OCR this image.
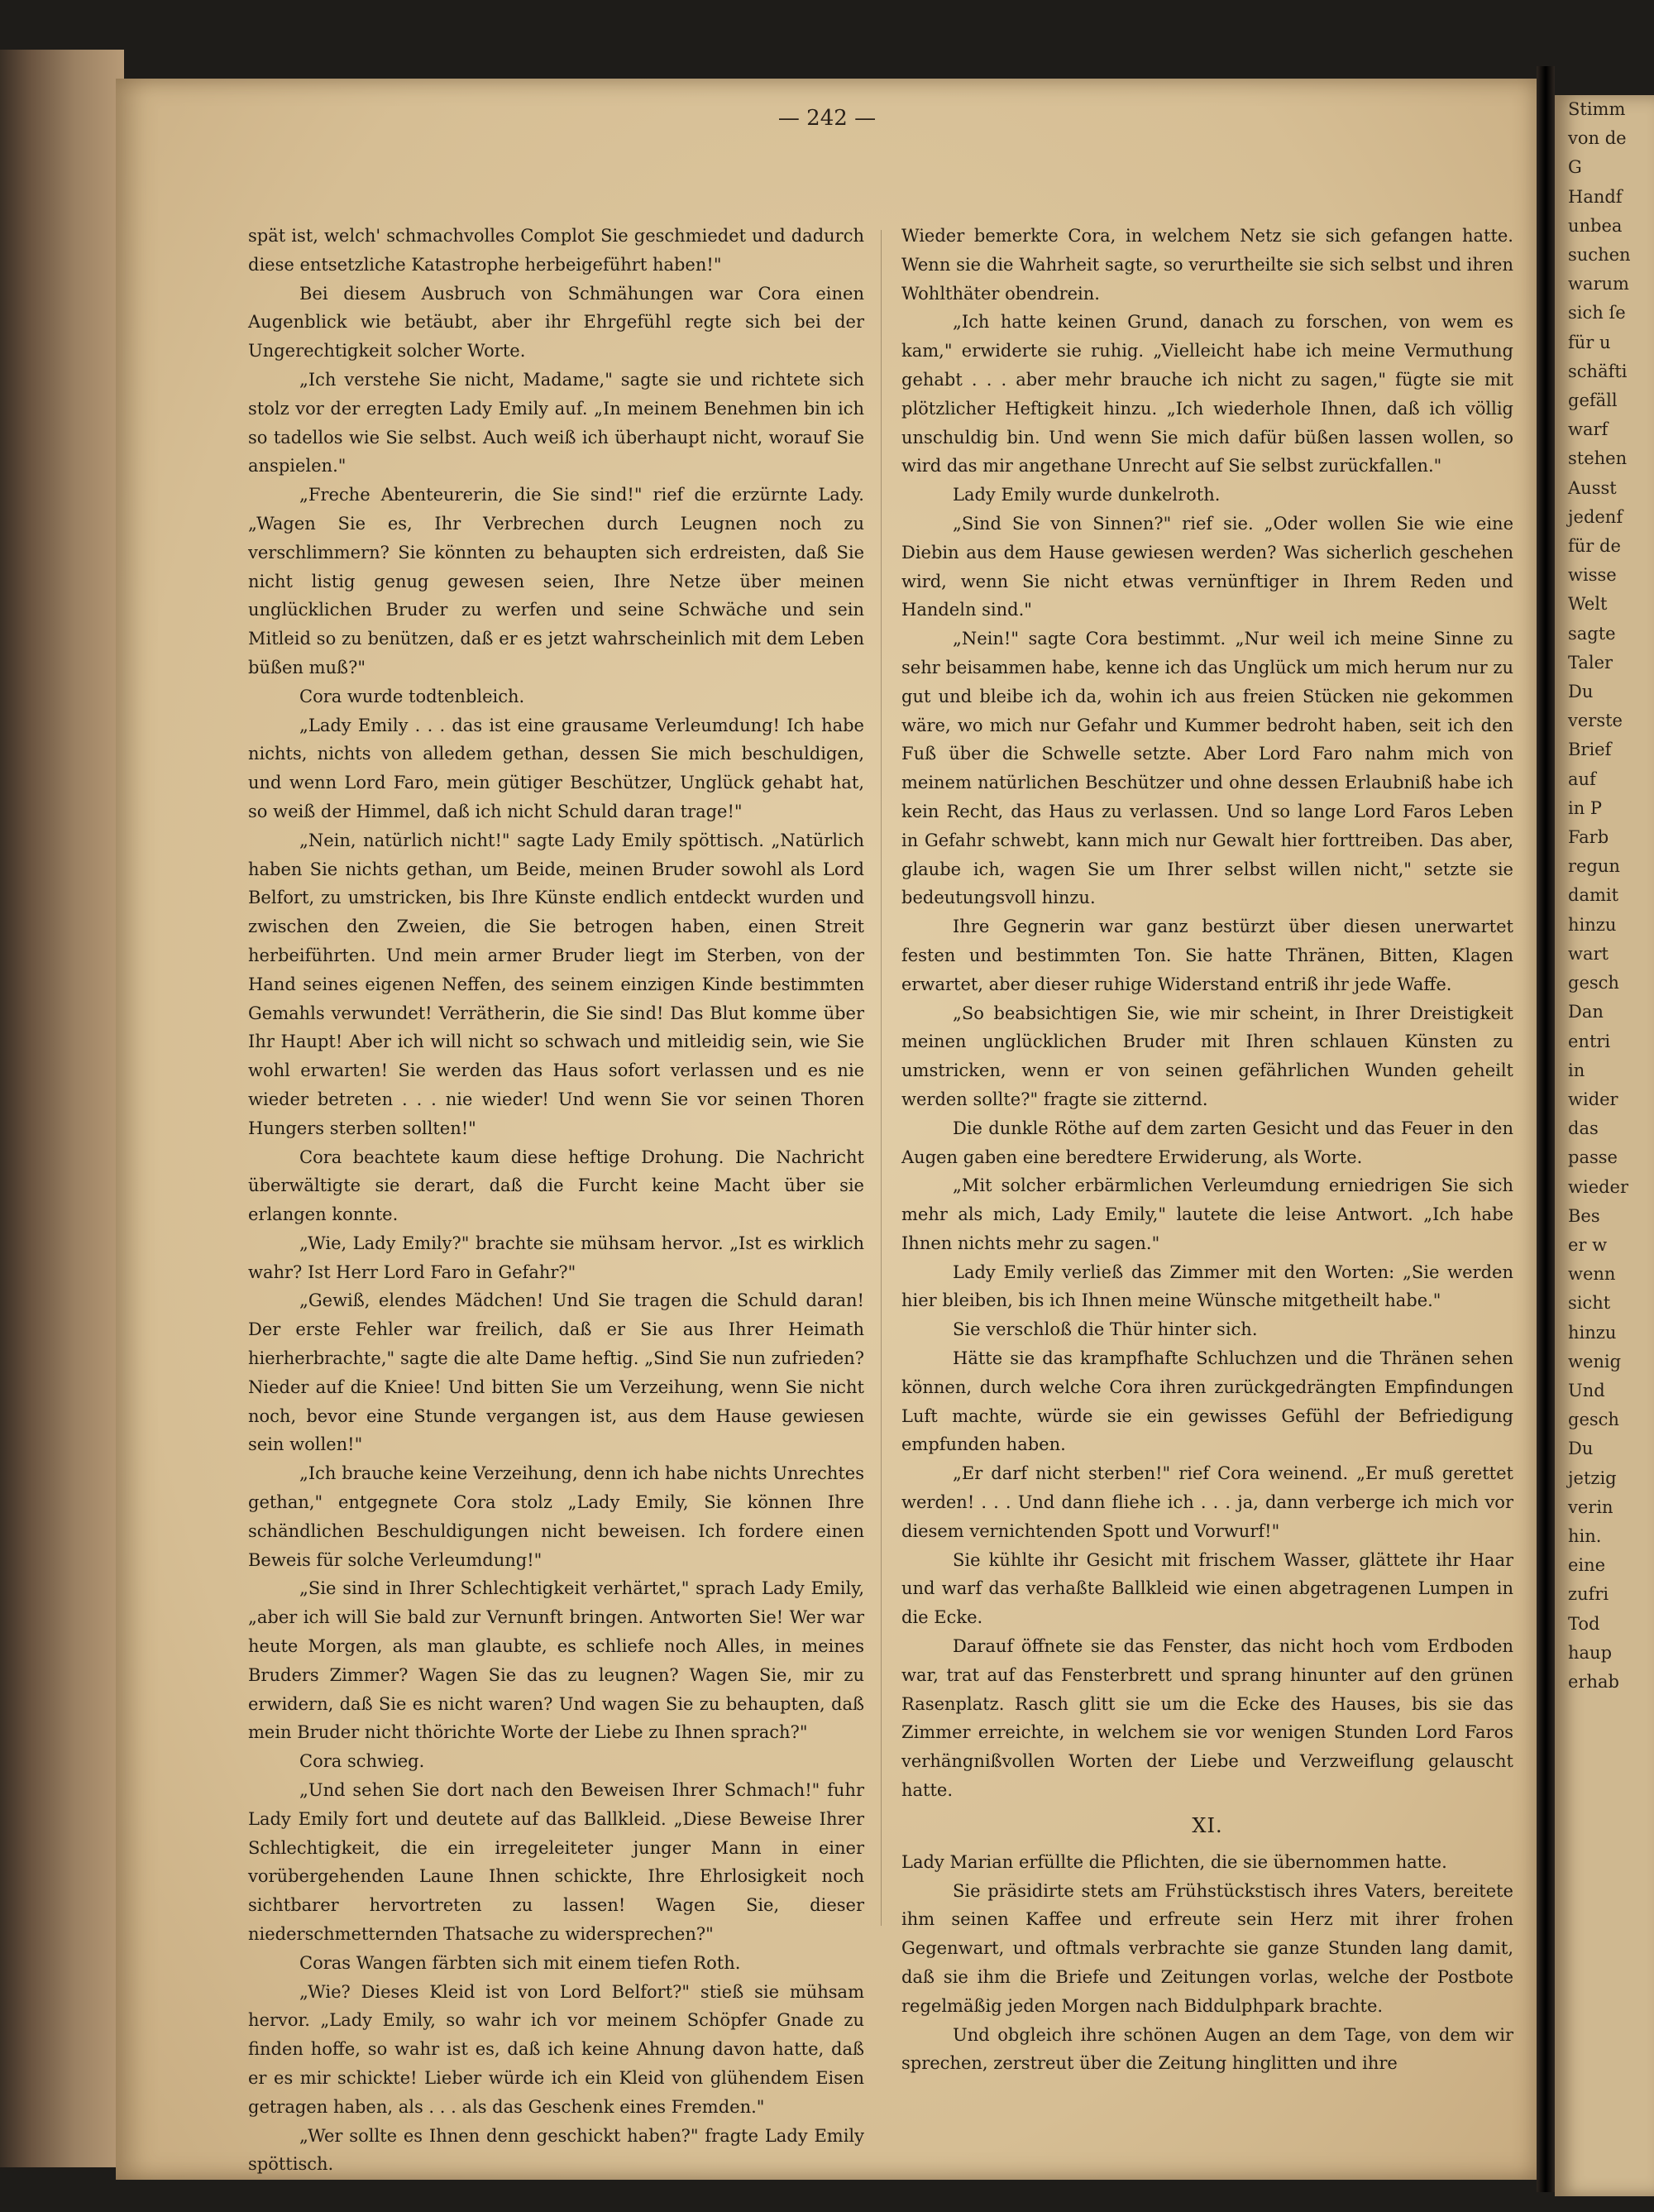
— 242 —

spät ist, welch' schmachvolles Complot Sie geschmiedet und dadurch diese entsetzliche Katastrophe herbeigeführt haben!"

Bei diesem Ausbruch von Schmähungen war Cora einen Augenblick wie betäubt, aber ihr Ehrgefühl regte sich bei der Ungerechtigkeit solcher Worte.

„Ich verstehe Sie nicht, Madame," sagte sie und richtete sich stolz vor der erregten Lady Emily auf. „In meinem Benehmen bin ich so tadellos wie Sie selbst. Auch weiß ich überhaupt nicht, worauf Sie anspielen."

„Freche Abenteurerin, die Sie sind!" rief die erzürnte Lady. „Wagen Sie es, Ihr Verbrechen durch Leugnen noch zu verschlimmern? Sie könnten zu behaupten sich erdreisten, daß Sie nicht listig genug gewesen seien, Ihre Netze über meinen unglücklichen Bruder zu werfen und seine Schwäche und sein Mitleid so zu benützen, daß er es jetzt wahrscheinlich mit dem Leben büßen muß?"

Cora wurde todtenbleich.

„Lady Emily . . . das ist eine grausame Verleumdung! Ich habe nichts, nichts von alledem gethan, dessen Sie mich beschuldigen, und wenn Lord Faro, mein gütiger Beschützer, Unglück gehabt hat, so weiß der Himmel, daß ich nicht Schuld daran trage!"

„Nein, natürlich nicht!" sagte Lady Emily spöttisch. „Natürlich haben Sie nichts gethan, um Beide, meinen Bruder sowohl als Lord Belfort, zu umstricken, bis Ihre Künste endlich entdeckt wurden und zwischen den Zweien, die Sie betrogen haben, einen Streit herbeiführten. Und mein armer Bruder liegt im Sterben, von der Hand seines eigenen Neffen, des seinem einzigen Kinde bestimmten Gemahls verwundet! Verrätherin, die Sie sind! Das Blut komme über Ihr Haupt! Aber ich will nicht so schwach und mitleidig sein, wie Sie wohl erwarten! Sie werden das Haus sofort verlassen und es nie wieder betreten . . . nie wieder! Und wenn Sie vor seinen Thoren Hungers sterben sollten!"

Cora beachtete kaum diese heftige Drohung. Die Nachricht überwältigte sie derart, daß die Furcht keine Macht über sie erlangen konnte.

„Wie, Lady Emily?" brachte sie mühsam hervor. „Ist es wirklich wahr? Ist Herr Lord Faro in Gefahr?"

„Gewiß, elendes Mädchen! Und Sie tragen die Schuld daran! Der erste Fehler war freilich, daß er Sie aus Ihrer Heimath hierherbrachte," sagte die alte Dame heftig. „Sind Sie nun zufrieden? Nieder auf die Kniee! Und bitten Sie um Verzeihung, wenn Sie nicht noch, bevor eine Stunde vergangen ist, aus dem Hause gewiesen sein wollen!"

„Ich brauche keine Verzeihung, denn ich habe nichts Unrechtes gethan," entgegnete Cora stolz „Lady Emily, Sie können Ihre schändlichen Beschuldigungen nicht beweisen. Ich fordere einen Beweis für solche Verleumdung!"

„Sie sind in Ihrer Schlechtigkeit verhärtet," sprach Lady Emily, „aber ich will Sie bald zur Vernunft bringen. Antworten Sie! Wer war heute Morgen, als man glaubte, es schliefe noch Alles, in meines Bruders Zimmer? Wagen Sie das zu leugnen? Wagen Sie, mir zu erwidern, daß Sie es nicht waren? Und wagen Sie zu behaupten, daß mein Bruder nicht thörichte Worte der Liebe zu Ihnen sprach?"

Cora schwieg.

„Und sehen Sie dort nach den Beweisen Ihrer Schmach!" fuhr Lady Emily fort und deutete auf das Ballkleid. „Diese Beweise Ihrer Schlechtigkeit, die ein irregeleiteter junger Mann in einer vorübergehenden Laune Ihnen schickte, Ihre Ehrlosigkeit noch sichtbarer hervortreten zu lassen! Wagen Sie, dieser niederschmetternden Thatsache zu widersprechen?"

Coras Wangen färbten sich mit einem tiefen Roth.

„Wie? Dieses Kleid ist von Lord Belfort?" stieß sie mühsam hervor. „Lady Emily, so wahr ich vor meinem Schöpfer Gnade zu finden hoffe, so wahr ist es, daß ich keine Ahnung davon hatte, daß er es mir schickte! Lieber würde ich ein Kleid von glühendem Eisen getragen haben, als . . . als das Geschenk eines Fremden."

„Wer sollte es Ihnen denn geschickt haben?" fragte Lady Emily spöttisch.

Wieder bemerkte Cora, in welchem Netz sie sich gefangen hatte. Wenn sie die Wahrheit sagte, so verurtheilte sie sich selbst und ihren Wohlthäter obendrein.

„Ich hatte keinen Grund, danach zu forschen, von wem es kam," erwiderte sie ruhig. „Vielleicht habe ich meine Vermuthung gehabt . . . aber mehr brauche ich nicht zu sagen," fügte sie mit plötzlicher Heftigkeit hinzu. „Ich wiederhole Ihnen, daß ich völlig unschuldig bin. Und wenn Sie mich dafür büßen lassen wollen, so wird das mir angethane Unrecht auf Sie selbst zurückfallen."

Lady Emily wurde dunkelroth.

„Sind Sie von Sinnen?" rief sie. „Oder wollen Sie wie eine Diebin aus dem Hause gewiesen werden? Was sicherlich geschehen wird, wenn Sie nicht etwas vernünftiger in Ihrem Reden und Handeln sind."

„Nein!" sagte Cora bestimmt. „Nur weil ich meine Sinne zu sehr beisammen habe, kenne ich das Unglück um mich herum nur zu gut und bleibe ich da, wohin ich aus freien Stücken nie gekommen wäre, wo mich nur Gefahr und Kummer bedroht haben, seit ich den Fuß über die Schwelle setzte. Aber Lord Faro nahm mich von meinem natürlichen Beschützer und ohne dessen Erlaubniß habe ich kein Recht, das Haus zu verlassen. Und so lange Lord Faros Leben in Gefahr schwebt, kann mich nur Gewalt hier forttreiben. Das aber, glaube ich, wagen Sie um Ihrer selbst willen nicht," setzte sie bedeutungsvoll hinzu.

Ihre Gegnerin war ganz bestürzt über diesen unerwartet festen und bestimmten Ton. Sie hatte Thränen, Bitten, Klagen erwartet, aber dieser ruhige Widerstand entriß ihr jede Waffe.

„So beabsichtigen Sie, wie mir scheint, in Ihrer Dreistigkeit meinen unglücklichen Bruder mit Ihren schlauen Künsten zu umstricken, wenn er von seinen gefährlichen Wunden geheilt werden sollte?" fragte sie zitternd.

Die dunkle Röthe auf dem zarten Gesicht und das Feuer in den Augen gaben eine beredtere Erwiderung, als Worte.

„Mit solcher erbärmlichen Verleumdung erniedrigen Sie sich mehr als mich, Lady Emily," lautete die leise Antwort. „Ich habe Ihnen nichts mehr zu sagen."

Lady Emily verließ das Zimmer mit den Worten: „Sie werden hier bleiben, bis ich Ihnen meine Wünsche mitgetheilt habe."

Sie verschloß die Thür hinter sich.

Hätte sie das krampfhafte Schluchzen und die Thränen sehen können, durch welche Cora ihren zurückgedrängten Empfindungen Luft machte, würde sie ein gewisses Gefühl der Befriedigung empfunden haben.

„Er darf nicht sterben!" rief Cora weinend. „Er muß gerettet werden! . . . Und dann fliehe ich . . . ja, dann verberge ich mich vor diesem vernichtenden Spott und Vorwurf!"

Sie kühlte ihr Gesicht mit frischem Wasser, glättete ihr Haar und warf das verhaßte Ballkleid wie einen abgetragenen Lumpen in die Ecke.

Darauf öffnete sie das Fenster, das nicht hoch vom Erdboden war, trat auf das Fensterbrett und sprang hinunter auf den grünen Rasenplatz. Rasch glitt sie um die Ecke des Hauses, bis sie das Zimmer erreichte, in welchem sie vor wenigen Stunden Lord Faros verhängnißvollen Worten der Liebe und Verzweiflung gelauscht hatte.

XI.

Lady Marian erfüllte die Pflichten, die sie übernommen hatte.

Sie präsidirte stets am Frühstückstisch ihres Vaters, bereitete ihm seinen Kaffee und erfreute sein Herz mit ihrer frohen Gegenwart, und oftmals verbrachte sie ganze Stunden lang damit, daß sie ihm die Briefe und Zeitungen vorlas, welche der Postbote regelmäßig jeden Morgen nach Biddulphpark brachte.

Und obgleich ihre schönen Augen an dem Tage, von dem wir sprechen, zerstreut über die Zeitung hinglitten und ihre

Stimm
von de
G
Handf
unbea
suchen
warum
sich ſe
für u
schäfti
gefäll
warf
stehen
Ausst
jedenf
für de
wisse
Welt
sagte
Taler
Du
verste
Brief
auf
in P
Farb
regun
damit
hinzu
wart
gesch
Dan
entri
in
wider
das
passe
wieder
Bes
er w
wenn
sicht
hinzu
wenig
Und
gesch
Du
jetzig
verin
hin.
eine
zufri
Tod
haup
erhab
